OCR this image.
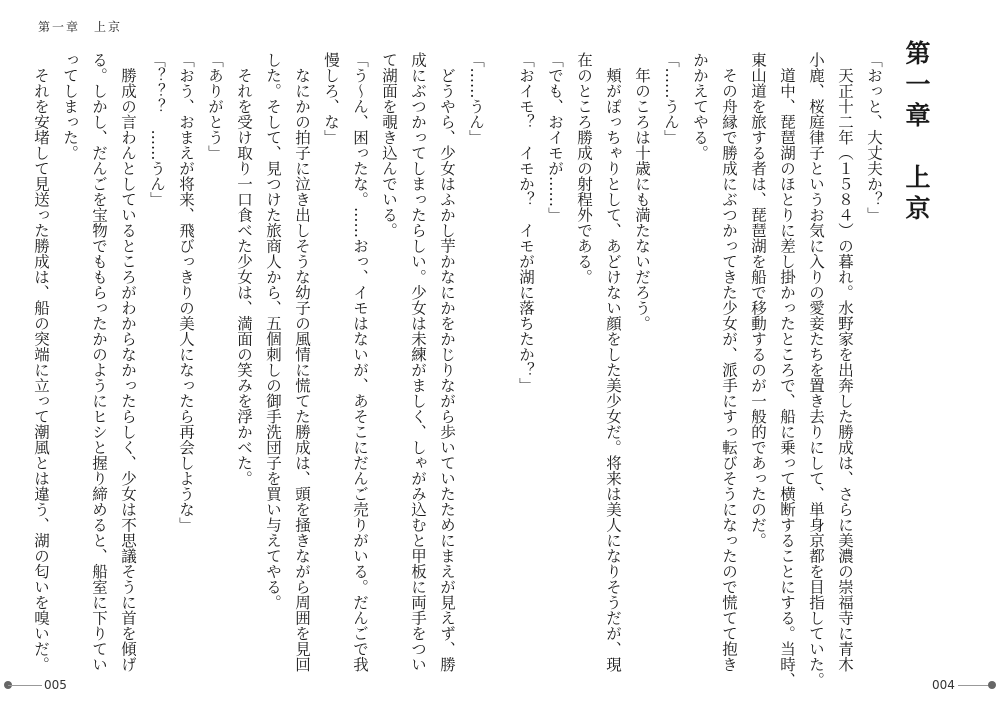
第一章　上京
第一章　上京

「おっと、大丈夫か？」

　天正十二年（１５８４）の暮れ。水野家を出奔した勝成は、さらに美濃の崇福寺に青木

小鹿、桜庭律子というお気に入りの愛妾たちを置き去りにして、単身京都を目指していた。

　道中、琵琶湖のほとりに差し掛かったところで、船に乗って横断することにする。当時、

東山道を旅する者は、琵琶湖を船で移動するのが一般的であったのだ。

　その舟縁で勝成にぶつかってきた少女が、派手にすっ転びそうになったので慌てて抱き

かかえてやる。

「……うん」

　年のころは十歳にも満たないだろう。

　頬がぽっちゃりとして、あどけない顔をした美少女だ。将来は美人になりそうだが、現

在のところ勝成の射程外である。

「でも、おイモが……」

「おイモ？　イモか？　イモが湖に落ちたか？」

「……うん」

　どうやら、少女はふかし芋かなにかをかじりながら歩いていたためにまえが見えず、勝

成にぶつかってしまったらしい。少女は未練がましく、しゃがみ込むと甲板に両手をつい

て湖面を覗き込んでいる。

「う〜ん、困ったな。……おっ、イモはないが、あそこにだんご売りがいる。だんごで我

慢しろ、な」

　なにかの拍子に泣き出しそうな幼子の風情に慌てた勝成は、頭を掻きながら周囲を見回

した。そして、見つけた旅商人から、五個刺しの御手洗団子を買い与えてやる。

　それを受け取り一口食べた少女は、満面の笑みを浮かべた。

「ありがとう」

「おう、おまえが将来、飛びっきりの美人になったら再会しような」

「？？？　……うん」

　勝成の言わんとしているところがわからなかったらしく、少女は不思議そうに首を傾げ

る。しかし、だんごを宝物でももらったかのようにヒシと握り締めると、船室に下りてい

ってしまった。

　それを安堵して見送った勝成は、船の突端に立って潮風とは違う、湖の匂いを嗅いだ。

005	004
